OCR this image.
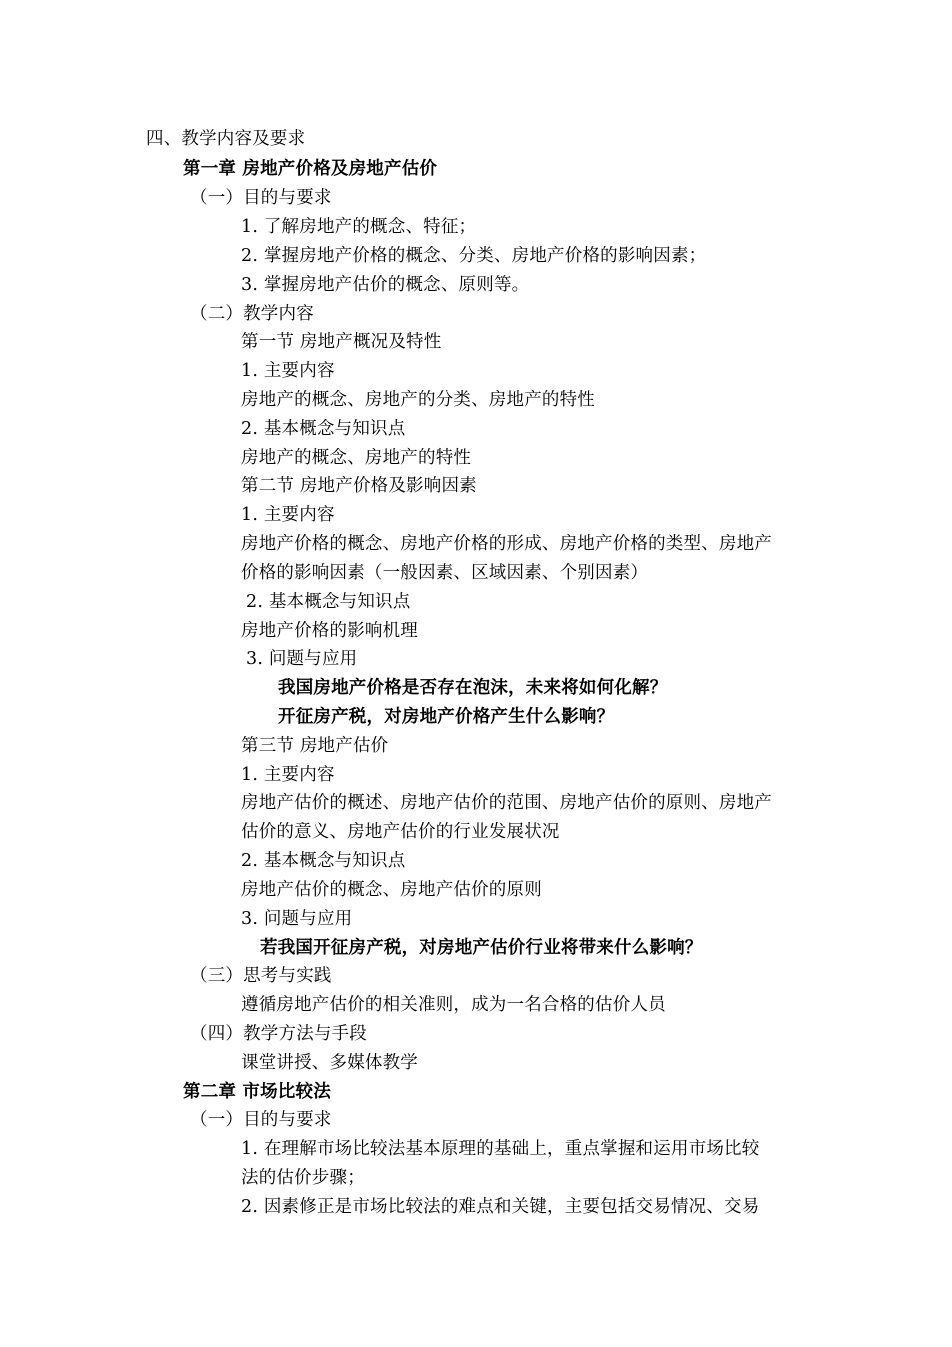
四、教学内容及要求
第一章 房地产价格及房地产估价
（一）目的与要求
1. 了解房地产的概念、特征；
2. 掌握房地产价格的概念、分类、房地产价格的影响因素；
3. 掌握房地产估价的概念、原则等。
（二）教学内容
第一节 房地产概况及特性
1. 主要内容
房地产的概念、房地产的分类、房地产的特性
2. 基本概念与知识点
房地产的概念、房地产的特性
第二节 房地产价格及影响因素
1. 主要内容
房地产价格的概念、房地产价格的形成、房地产价格的类型、房地产
价格的影响因素（一般因素、区域因素、个别因素）
2. 基本概念与知识点
房地产价格的影响机理
3. 问题与应用
我国房地产价格是否存在泡沫，未来将如何化解？
开征房产税，对房地产价格产生什么影响？
第三节 房地产估价
1. 主要内容
房地产估价的概述、房地产估价的范围、房地产估价的原则、房地产
估价的意义、房地产估价的行业发展状况
2. 基本概念与知识点
房地产估价的概念、房地产估价的原则
3. 问题与应用
若我国开征房产税，对房地产估价行业将带来什么影响？
（三）思考与实践
遵循房地产估价的相关准则，成为一名合格的估价人员
（四）教学方法与手段
课堂讲授、多媒体教学
第二章 市场比较法
（一）目的与要求
1. 在理解市场比较法基本原理的基础上，重点掌握和运用市场比较
法的估价步骤；
2. 因素修正是市场比较法的难点和关键，主要包括交易情况、交易
